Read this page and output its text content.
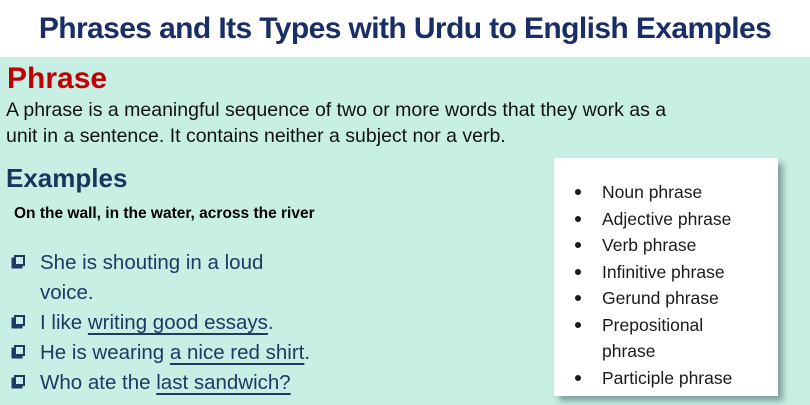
Phrases and Its Types with Urdu to English Examples
Phrase

A phrase is a meaningful sequence of two or more words that they work as a unit in a sentence. It contains neither a subject nor a verb.

Examples

On the wall, in the water, across the river

She is shouting in a loud voice.
I like writing good essays.
He is wearing a nice red shirt.
Who ate the last sandwich?
Noun phrase
Adjective phrase
Verb phrase
Infinitive phrase
Gerund phrase
Prepositional phrase
Participle phrase
